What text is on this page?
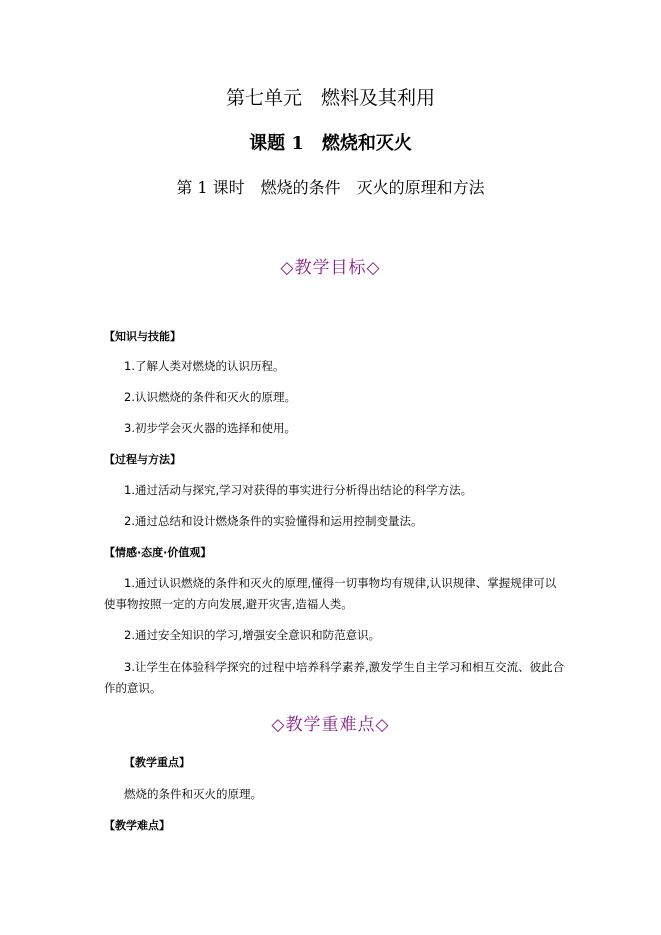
第七单元　燃料及其利用
课题 1　燃烧和灭火
第 1 课时　燃烧的条件　灭火的原理和方法
◇教学目标◇
【知识与技能】
1.了解人类对燃烧的认识历程。
2.认识燃烧的条件和灭火的原理。
3.初步学会灭火器的选择和使用。
【过程与方法】
1.通过活动与探究,学习对获得的事实进行分析得出结论的科学方法。
2.通过总结和设计燃烧条件的实验懂得和运用控制变量法。
【情感·态度·价值观】
1.通过认识燃烧的条件和灭火的原理,懂得一切事物均有规律,认识规律、掌握规律可以
使事物按照一定的方向发展,避开灾害,造福人类。
2.通过安全知识的学习,增强安全意识和防范意识。
3.让学生在体验科学探究的过程中培养科学素养,激发学生自主学习和相互交流、彼此合
作的意识。
◇教学重难点◇
【教学重点】
燃烧的条件和灭火的原理。
【教学难点】
